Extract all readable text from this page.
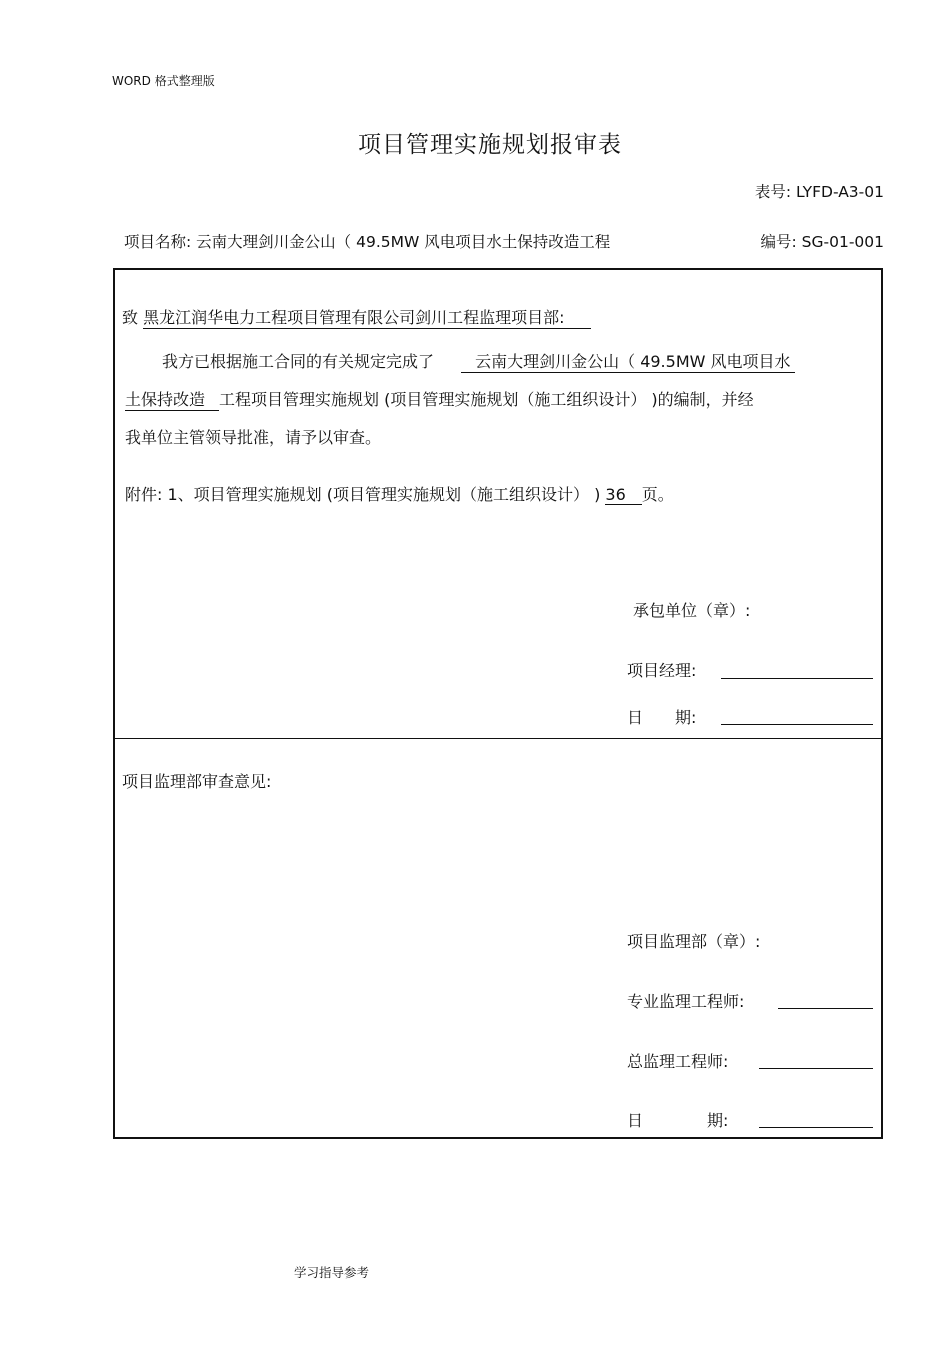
WORD 格式整理版
项目管理实施规划报审表
表号: LYFD-A3-01
项目名称: 云南大理剑川金公山（ 49.5MW 风电项目水土保持改造工程	编号: SG-01-001
致 黑龙江润华电力工程项目管理有限公司剑川工程监理项目部:
我方已根据施工合同的有关规定完成了	云南大理剑川金公山（ 49.5MW 风电项目水
土保持改造 工程项目管理实施规划 (项目管理实施规划（施工组织设计） )的编制，并经
我单位主管领导批准，请予以审查。
附件: 1、项目管理实施规划 (项目管理实施规划（施工组织设计） ) 36 页。
承包单位（章）:
项目经理:
日　　期:
项目监理部审查意见:
项目监理部（章）:
专业监理工程师:
总监理工程师:
日　　　　期:
学习指导参考
